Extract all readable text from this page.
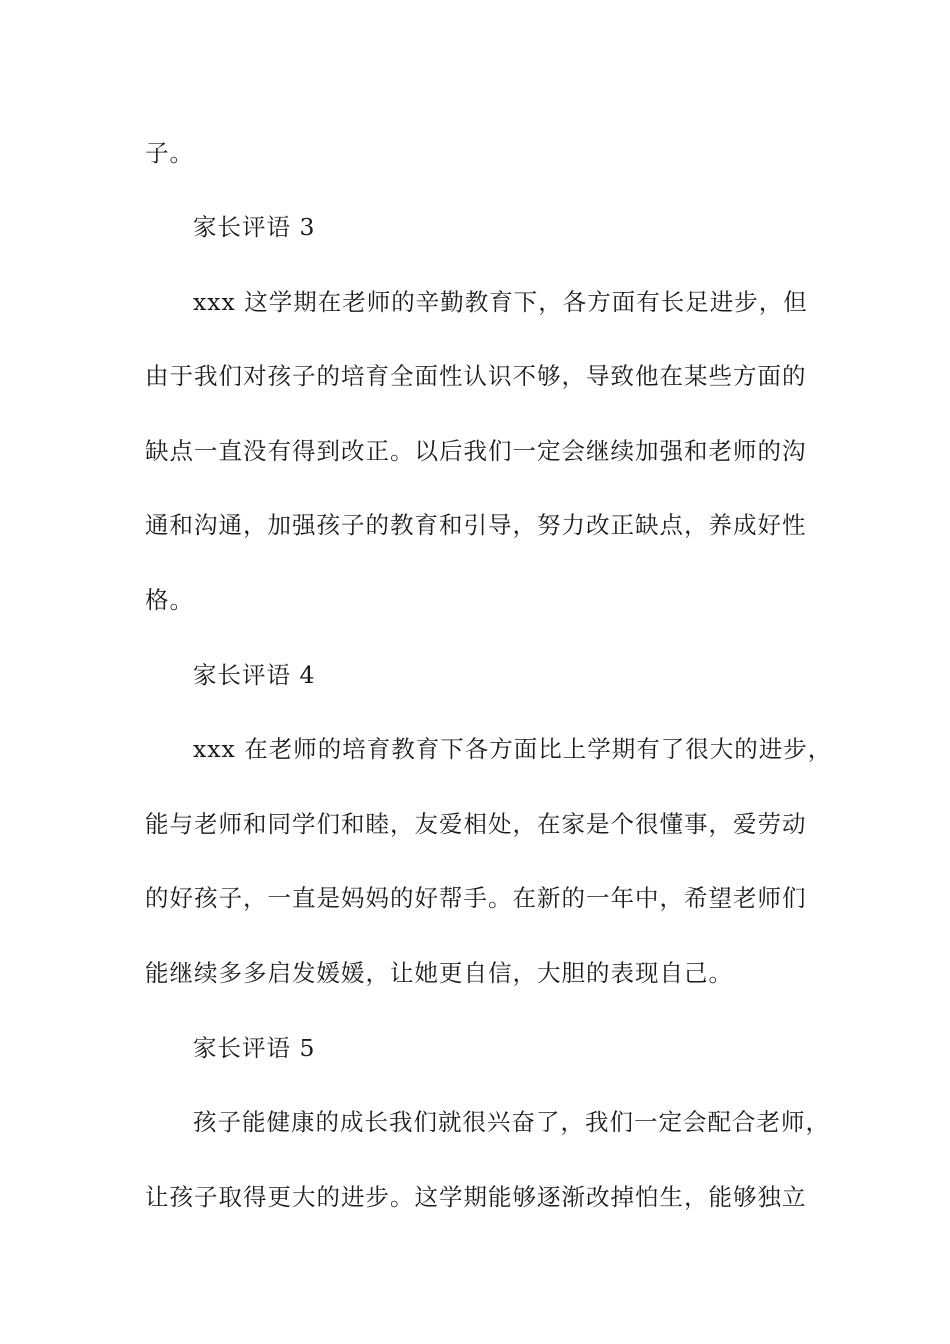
子。
家长评语 3
xxx 这学期在老师的辛勤教育下，各方面有长足进步，但
由于我们对孩子的培育全面性认识不够，导致他在某些方面的
缺点一直没有得到改正。以后我们一定会继续加强和老师的沟
通和沟通，加强孩子的教育和引导，努力改正缺点，养成好性
格。
家长评语 4
xxx 在老师的培育教育下各方面比上学期有了很大的进步，
能与老师和同学们和睦，友爱相处，在家是个很懂事，爱劳动
的好孩子，一直是妈妈的好帮手。在新的一年中，希望老师们
能继续多多启发媛媛，让她更自信，大胆的表现自己。
家长评语 5
孩子能健康的成长我们就很兴奋了，我们一定会配合老师，
让孩子取得更大的进步。这学期能够逐渐改掉怕生，能够独立
